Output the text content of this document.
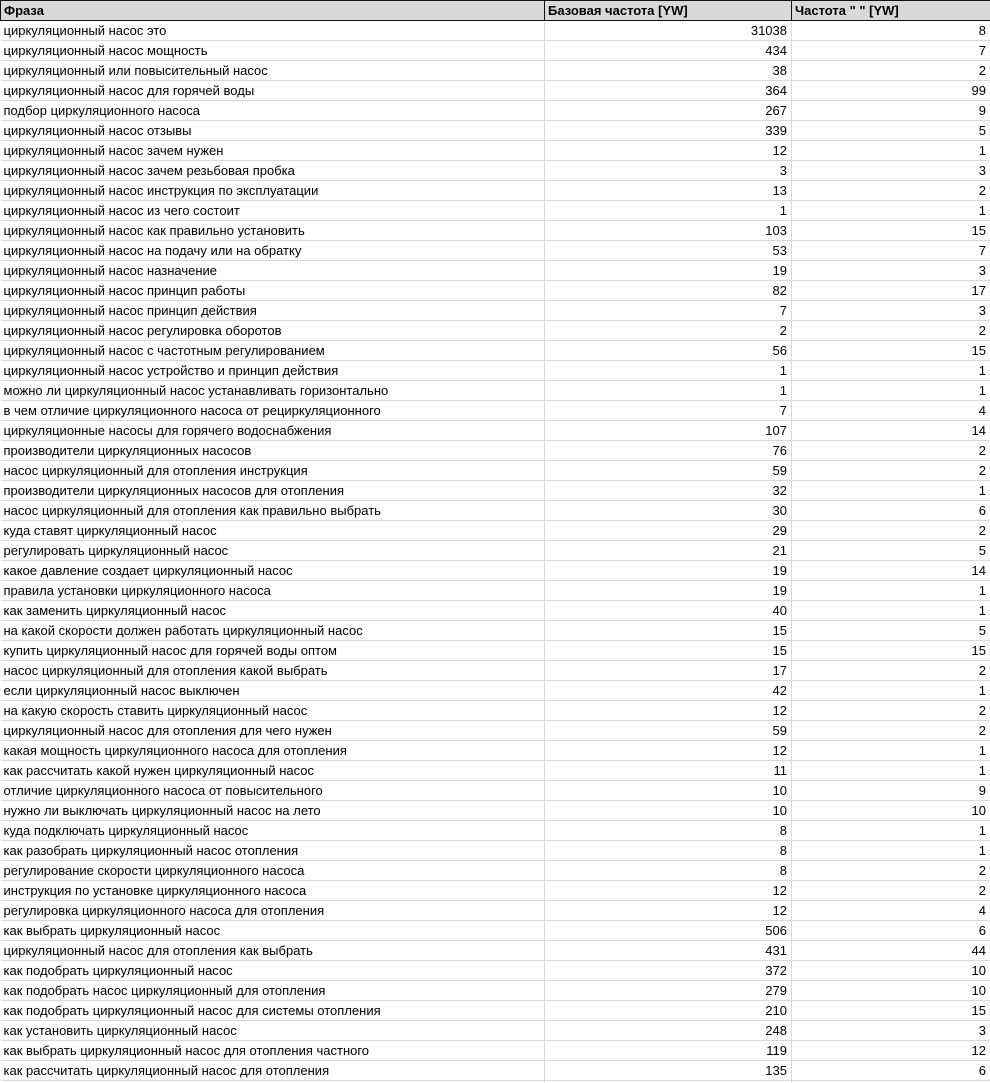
Фраза	Базовая частота [YW]	Частота " " [YW]
циркуляционный насос это	31038	8
циркуляционный насос мощность	434	7
циркуляционный или повысительный насос	38	2
циркуляционный насос для горячей воды	364	99
подбор циркуляционного насоса	267	9
циркуляционный насос отзывы	339	5
циркуляционный насос зачем нужен	12	1
циркуляционный насос зачем резьбовая пробка	3	3
циркуляционный насос инструкция по эксплуатации	13	2
циркуляционный насос из чего состоит	1	1
циркуляционный насос как правильно установить	103	15
циркуляционный насос на подачу или на обратку	53	7
циркуляционный насос назначение	19	3
циркуляционный насос принцип работы	82	17
циркуляционный насос принцип действия	7	3
циркуляционный насос регулировка оборотов	2	2
циркуляционный насос с частотным регулированием	56	15
циркуляционный насос устройство и принцип действия	1	1
можно ли циркуляционный насос устанавливать горизонтально	1	1
в чем отличие циркуляционного насоса от рециркуляционного	7	4
циркуляционные насосы для горячего водоснабжения	107	14
производители циркуляционных насосов	76	2
насос циркуляционный для отопления инструкция	59	2
производители циркуляционных насосов для отопления	32	1
насос циркуляционный для отопления как правильно выбрать	30	6
куда ставят циркуляционный насос	29	2
регулировать циркуляционный насос	21	5
какое давление создает циркуляционный насос	19	14
правила установки циркуляционного насоса	19	1
как заменить циркуляционный насос	40	1
на какой скорости должен работать циркуляционный насос	15	5
купить циркуляционный насос для горячей воды оптом	15	15
насос циркуляционный для отопления какой выбрать	17	2
если циркуляционный насос выключен	42	1
на какую скорость ставить циркуляционный насос	12	2
циркуляционный насос для отопления для чего нужен	59	2
какая мощность циркуляционного насоса для отопления	12	1
как рассчитать какой нужен циркуляционный насос	11	1
отличие циркуляционного насоса от повысительного	10	9
нужно ли выключать циркуляционный насос на лето	10	10
куда подключать циркуляционный насос	8	1
как разобрать циркуляционный насос отопления	8	1
регулирование скорости циркуляционного насоса	8	2
инструкция по установке циркуляционного насоса	12	2
регулировка циркуляционного насоса для отопления	12	4
как выбрать циркуляционный насос	506	6
циркуляционный насос для отопления как выбрать	431	44
как подобрать циркуляционный насос	372	10
как подобрать насос циркуляционный для отопления	279	10
как подобрать циркуляционный насос для системы отопления	210	15
как установить циркуляционный насос	248	3
как выбрать циркуляционный насос для отопления частного	119	12
как рассчитать циркуляционный насос для отопления	135	6
